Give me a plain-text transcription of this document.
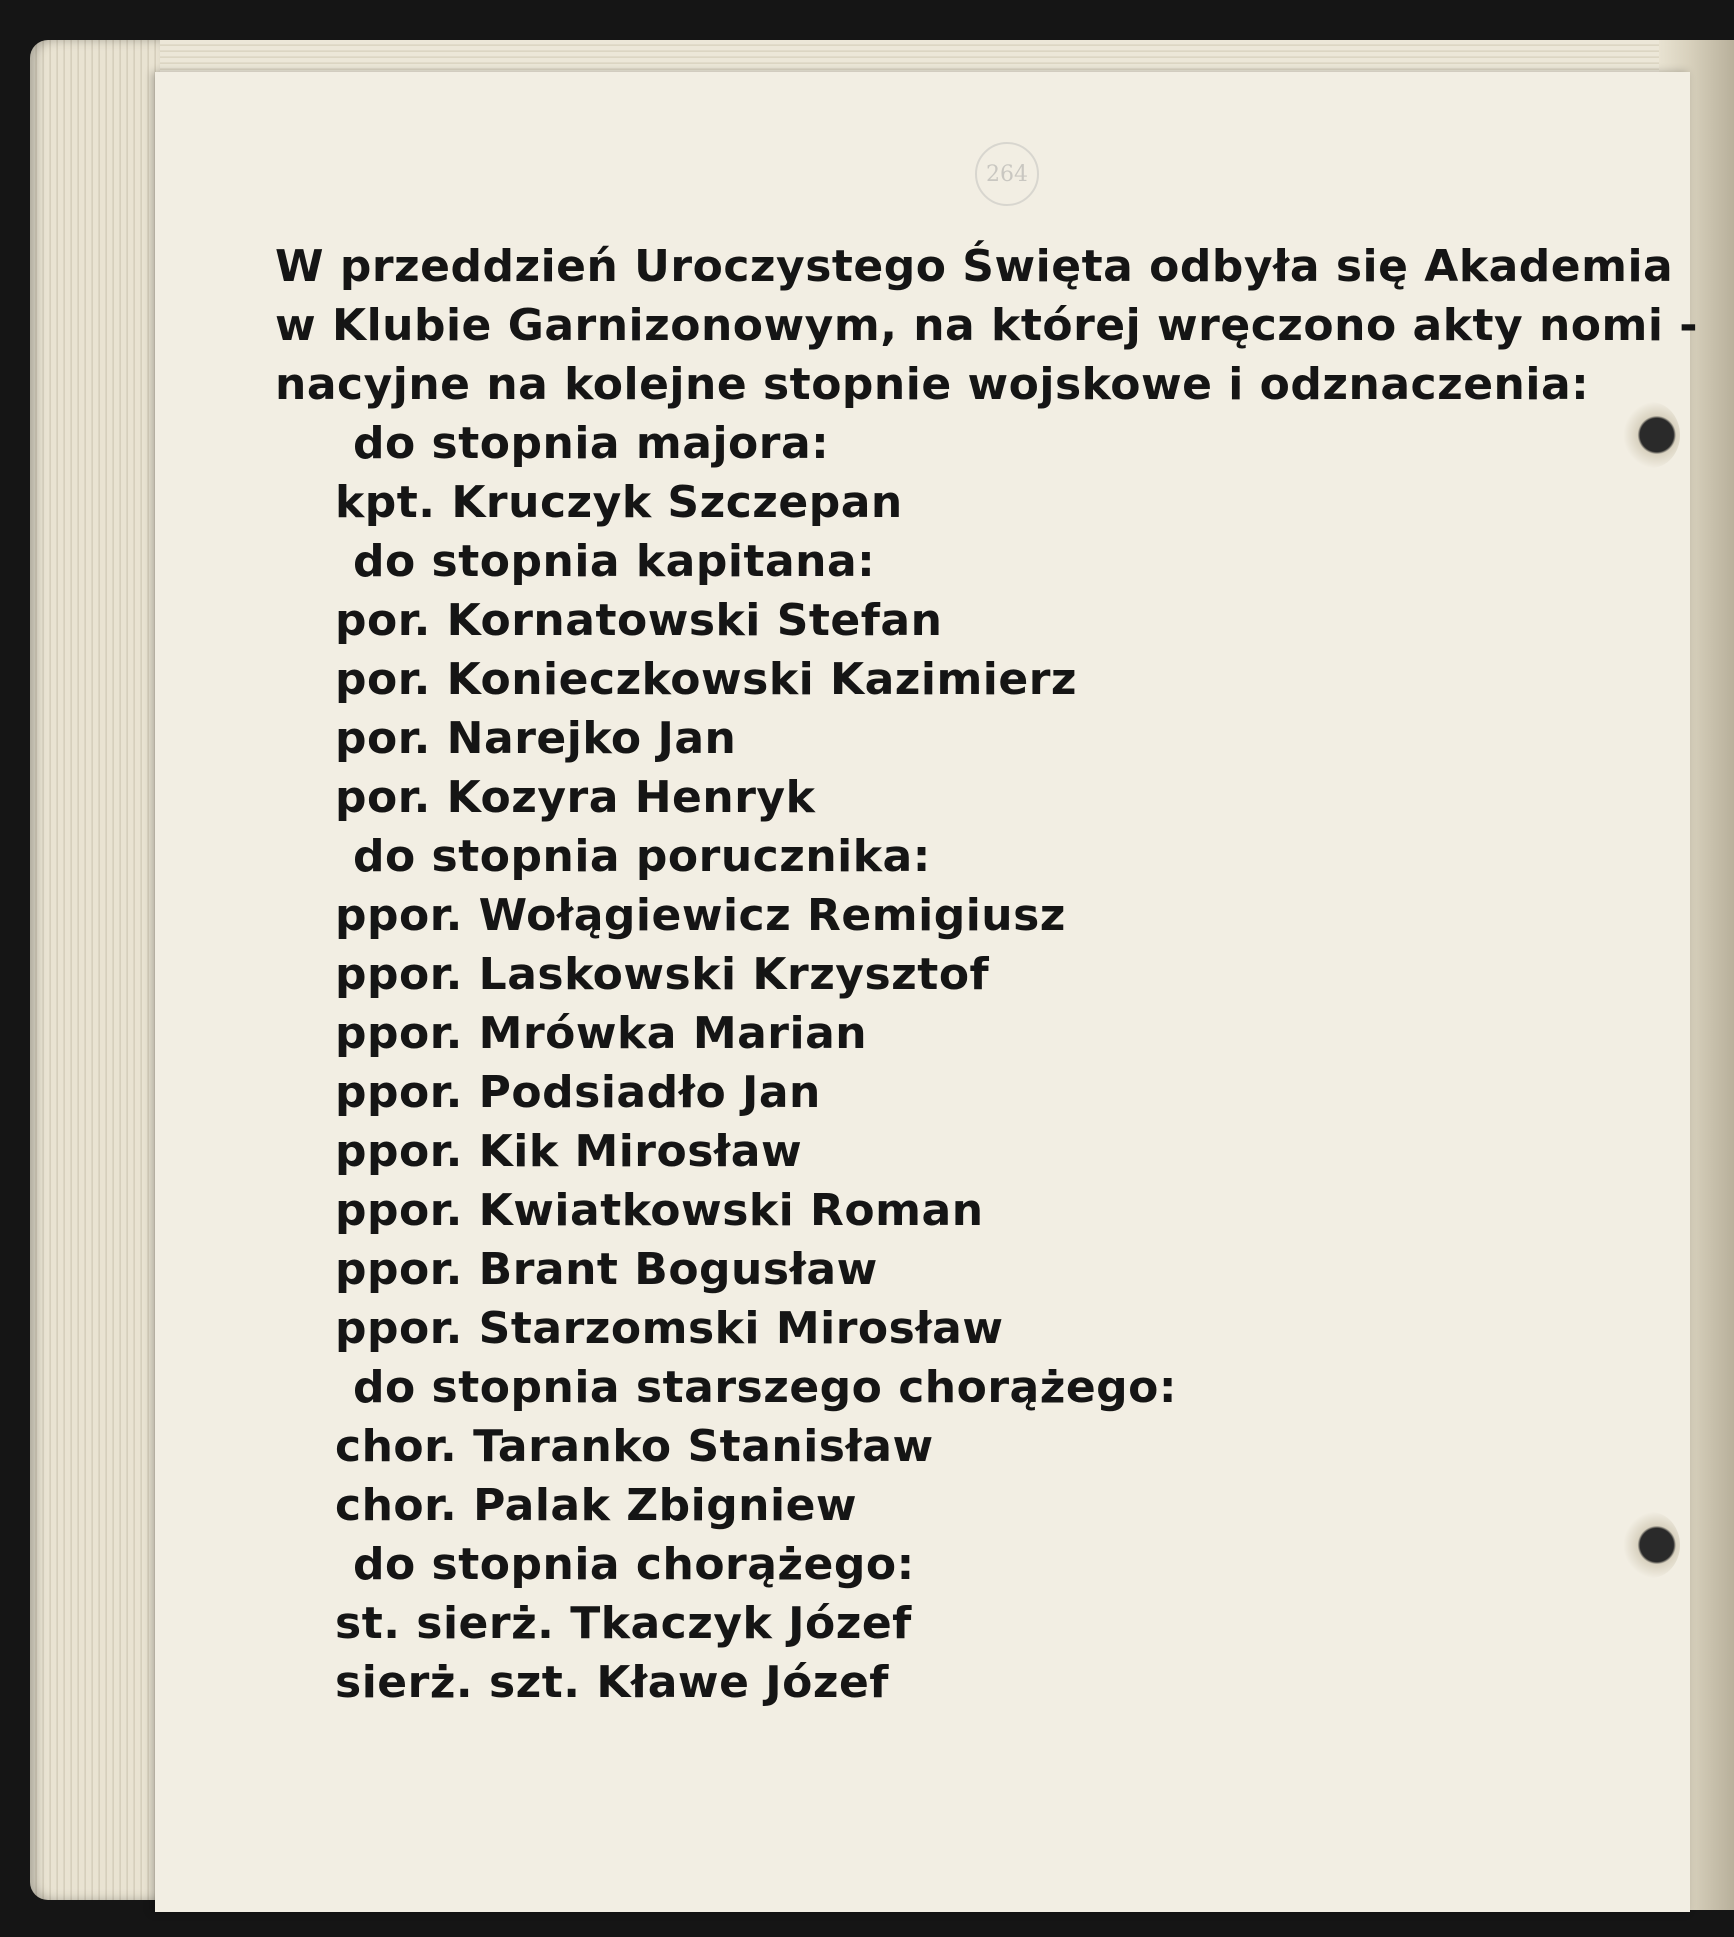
264
W przeddzień Uroczystego Święta odbyła się Akademia
w Klubie Garnizonowym, na której wręczono akty nomi -
nacyjne na kolejne stopnie wojskowe i odznaczenia:
do stopnia majora:
kpt. Kruczyk Szczepan
do stopnia kapitana:
por. Kornatowski Stefan
por. Konieczkowski Kazimierz
por. Narejko Jan
por. Kozyra Henryk
do stopnia porucznika:
ppor. Wołągiewicz Remigiusz
ppor. Laskowski Krzysztof
ppor. Mrówka Marian
ppor. Podsiadło Jan
ppor. Kik Mirosław
ppor. Kwiatkowski Roman
ppor. Brant Bogusław
ppor. Starzomski Mirosław
do stopnia starszego chorążego:
chor. Taranko Stanisław
chor. Palak Zbigniew
do stopnia chorążego:
st. sierż. Tkaczyk Józef
sierż. szt. Kławe Józef
